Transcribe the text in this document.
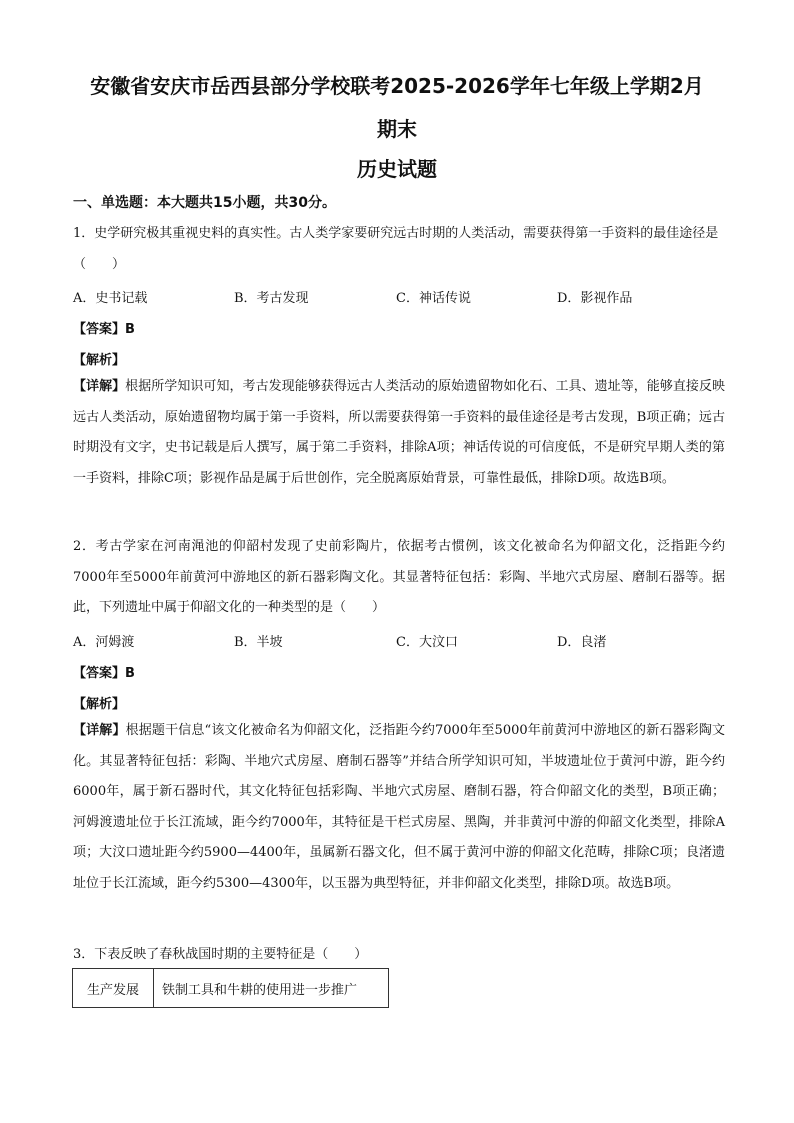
安徽省安庆市岳西县部分学校联考2025-2026学年七年级上学期2月
期末
历史试题
一、单选题：本大题共15小题，共30分。
1．史学研究极其重视史料的真实性。古人类学家要研究远古时期的人类活动，需要获得第一手资料的最佳途径是（　　）
A．史书记载	B．考古发现	C．神话传说	D．影视作品
【答案】B
【解析】
【详解】根据所学知识可知，考古发现能够获得远古人类活动的原始遗留物如化石、工具、遗址等，能够直接反映远古人类活动，原始遗留物均属于第一手资料，所以需要获得第一手资料的最佳途径是考古发现，B项正确；远古时期没有文字，史书记载是后人撰写，属于第二手资料，排除A项；神话传说的可信度低，不是研究早期人类的第一手资料，排除C项；影视作品是属于后世创作，完全脱离原始背景，可靠性最低，排除D项。故选B项。
2．考古学家在河南渑池的仰韶村发现了史前彩陶片，依据考古惯例，该文化被命名为仰韶文化，泛指距今约7000年至5000年前黄河中游地区的新石器彩陶文化。其显著特征包括：彩陶、半地穴式房屋、磨制石器等。据此，下列遗址中属于仰韶文化的一种类型的是（　　）
A．河姆渡	B．半坡	C．大汶口	D．良渚
【答案】B
【解析】
【详解】根据题干信息“该文化被命名为仰韶文化，泛指距今约7000年至5000年前黄河中游地区的新石器彩陶文化。其显著特征包括：彩陶、半地穴式房屋、磨制石器等”并结合所学知识可知，半坡遗址位于黄河中游，距今约6000年，属于新石器时代，其文化特征包括彩陶、半地穴式房屋、磨制石器，符合仰韶文化的类型，B项正确；河姆渡遗址位于长江流域，距今约7000年，其特征是干栏式房屋、黑陶，并非黄河中游的仰韶文化类型，排除A项；大汶口遗址距今约5900—4400年，虽属新石器文化，但不属于黄河中游的仰韶文化范畴，排除C项；良渚遗址位于长江流域，距今约5300—4300年，以玉器为典型特征，并非仰韶文化类型，排除D项。故选B项。
3．下表反映了春秋战国时期的主要特征是（　　）
生产发展	铁制工具和牛耕的使用进一步推广
